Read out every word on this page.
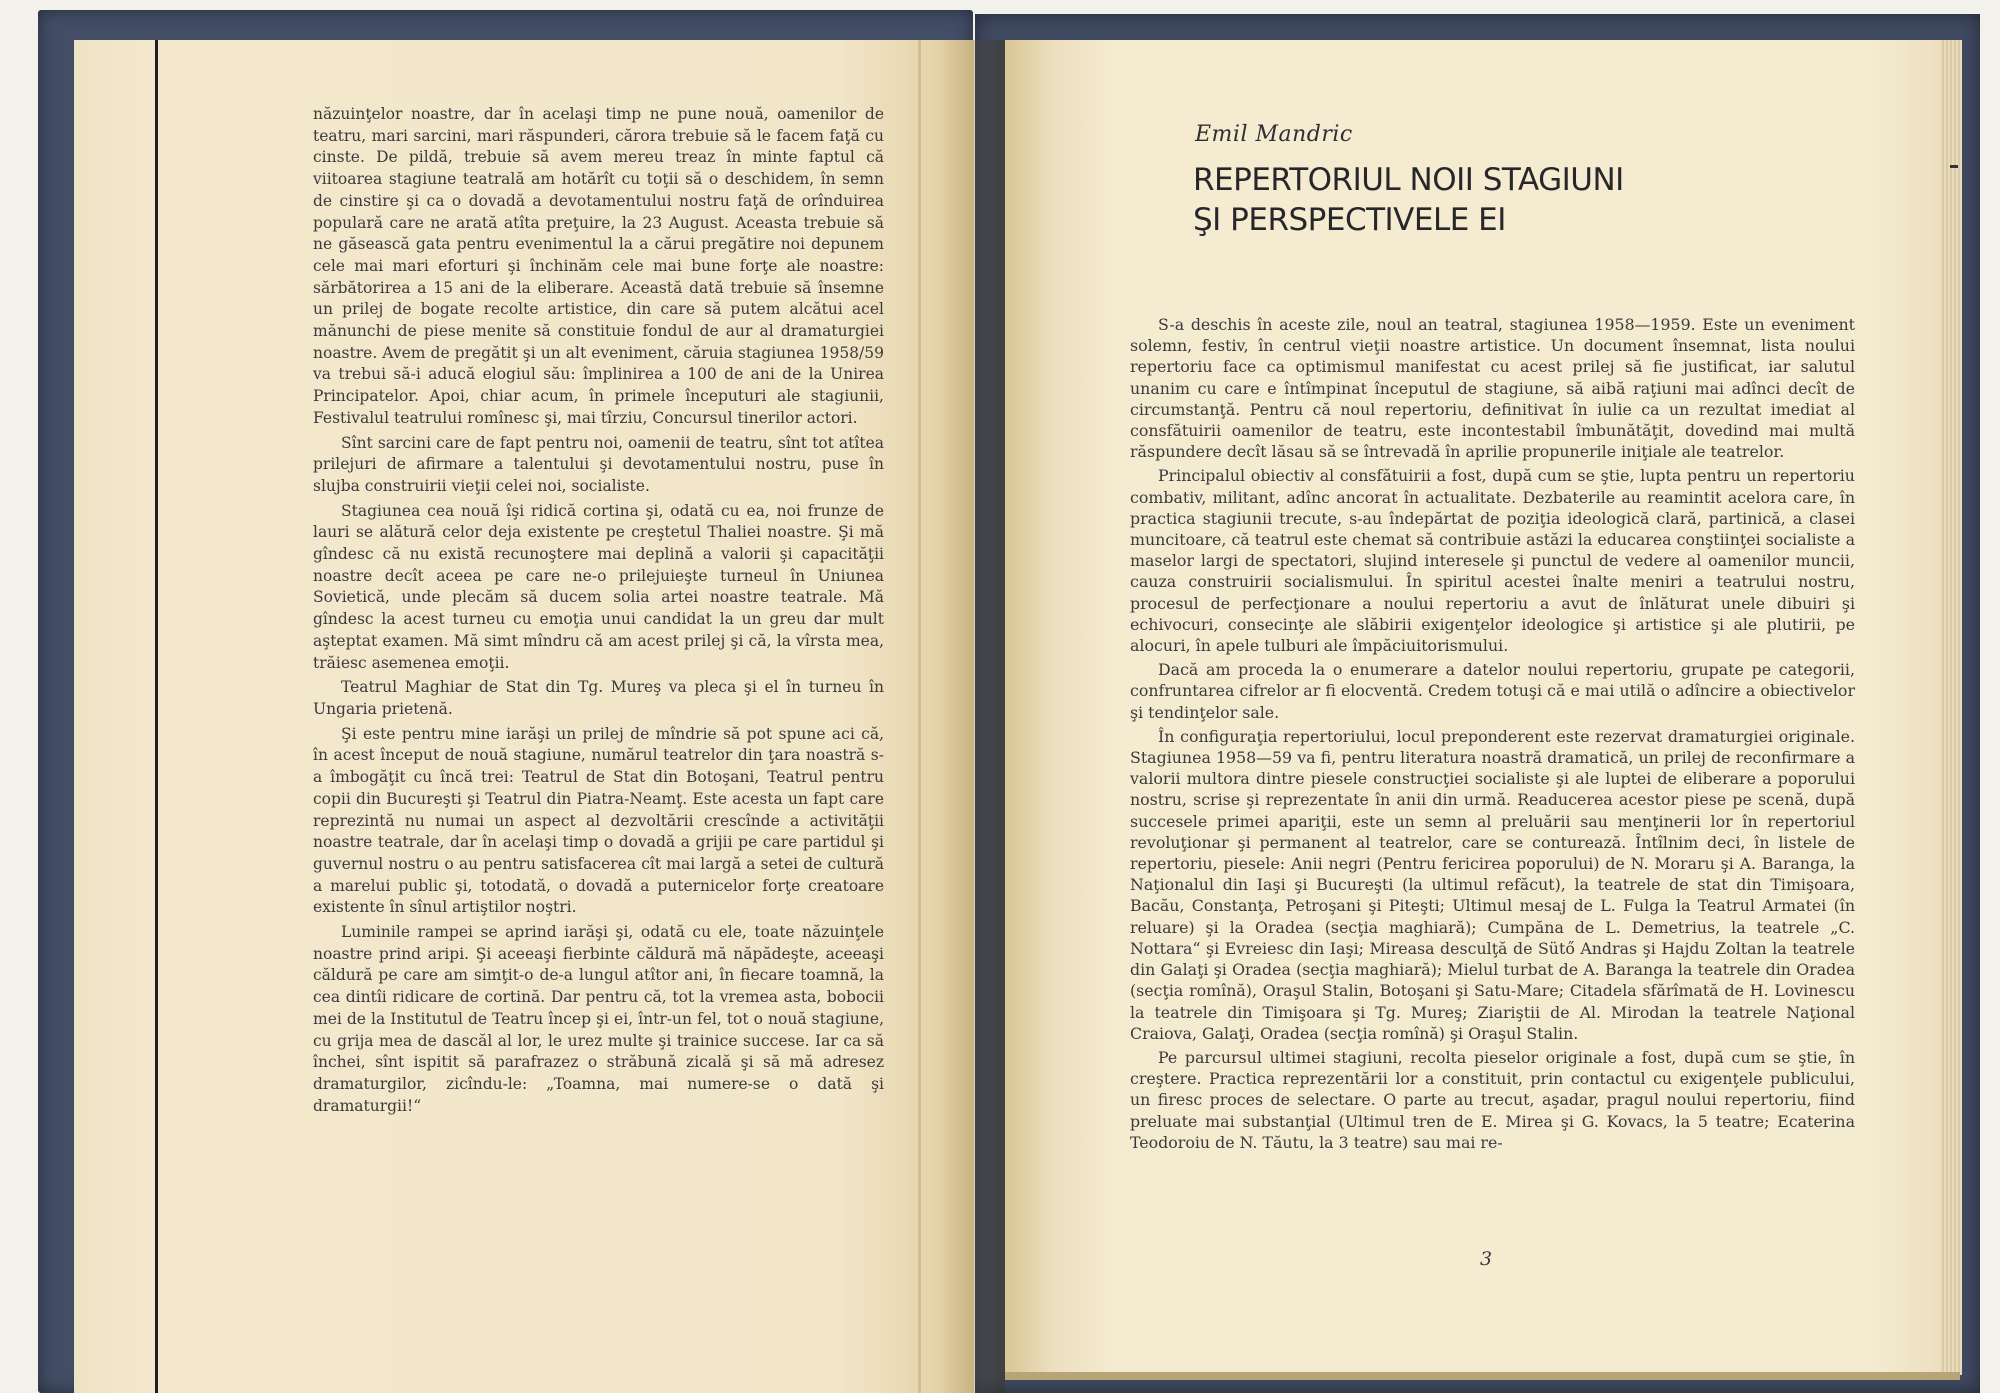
năzuinţelor noastre, dar în acelaşi timp ne pune nouă, oamenilor de teatru, mari sarcini, mari răspunderi, cărora trebuie să le facem faţă cu cinste. De pildă, trebuie să avem mereu treaz în minte faptul că viitoarea stagiune teatrală am hotărît cu toţii să o deschidem, în semn de cinstire şi ca o dovadă a devotamentului nostru faţă de orînduirea populară care ne arată atîta preţuire, la 23 August. Aceasta trebuie să ne găsească gata pentru evenimentul la a cărui pregătire noi depunem cele mai mari eforturi şi închinăm cele mai bune forţe ale noastre: sărbătorirea a 15 ani de la eliberare. Această dată trebuie să însemne un prilej de bogate recolte artistice, din care să putem alcătui acel mănunchi de piese menite să constituie fondul de aur al dramaturgiei noastre. Avem de pregătit şi un alt eveniment, căruia stagiunea 1958/59 va trebui să-i aducă elogiul său: împlinirea a 100 de ani de la Unirea Principatelor. Apoi, chiar acum, în primele începuturi ale stagiunii, Festivalul teatrului romînesc şi, mai tîrziu, Concursul tinerilor actori.

Sînt sarcini care de fapt pentru noi, oamenii de teatru, sînt tot atîtea prilejuri de afirmare a talentului şi devotamentului nostru, puse în slujba construirii vieţii celei noi, socialiste.

Stagiunea cea nouă îşi ridică cortina şi, odată cu ea, noi frunze de lauri se alătură celor deja existente pe creştetul Thaliei noastre. Şi mă gîndesc că nu există recunoştere mai deplină a valorii şi capacităţii noastre decît aceea pe care ne-o prilejuieşte turneul în Uniunea Sovietică, unde plecăm să ducem solia artei noastre teatrale. Mă gîndesc la acest turneu cu emoţia unui candidat la un greu dar mult aşteptat examen. Mă simt mîndru că am acest prilej şi că, la vîrsta mea, trăiesc asemenea emoţii.

Teatrul Maghiar de Stat din Tg. Mureş va pleca şi el în turneu în Ungaria prietenă.

Şi este pentru mine iarăşi un prilej de mîndrie să pot spune aci că, în acest început de nouă stagiune, numărul teatrelor din ţara noastră s-a îmbogăţit cu încă trei: Teatrul de Stat din Botoşani, Teatrul pentru copii din Bucureşti şi Teatrul din Piatra-Neamţ. Este acesta un fapt care reprezintă nu numai un aspect al dezvoltării crescînde a activităţii noastre teatrale, dar în acelaşi timp o dovadă a grijii pe care partidul şi guvernul nostru o au pentru satisfacerea cît mai largă a setei de cultură a marelui public şi, totodată, o dovadă a puternicelor forţe creatoare existente în sînul artiştilor noştri.

Luminile rampei se aprind iarăşi şi, odată cu ele, toate năzuinţele noastre prind aripi. Şi aceeaşi fierbinte căldură mă năpădeşte, aceeaşi căldură pe care am simţit-o de-a lungul atîtor ani, în fiecare toamnă, la cea dintîi ridicare de cortină. Dar pentru că, tot la vremea asta, bobocii mei de la Institutul de Teatru încep şi ei, într-un fel, tot o nouă stagiune, cu grija mea de dascăl al lor, le urez multe şi trainice succese. Iar ca să închei, sînt ispitit să parafrazez o străbună zicală şi să mă adresez dramaturgilor, zicîndu-le: „Toamna, mai numere-se o dată şi dramaturgii!“

Emil Mandric
REPERTORIUL NOII STAGIUNI
ŞI PERSPECTIVELE EI

S-a deschis în aceste zile, noul an teatral, stagiunea 1958—1959. Este un eveniment solemn, festiv, în centrul vieţii noastre artistice. Un document însemnat, lista noului repertoriu face ca optimismul manifestat cu acest prilej să fie justificat, iar salutul unanim cu care e întîmpinat începutul de stagiune, să aibă raţiuni mai adînci decît de circumstanţă. Pentru că noul repertoriu, definitivat în iulie ca un rezultat imediat al consfătuirii oamenilor de teatru, este incontestabil îmbunătăţit, dovedind mai multă răspundere decît lăsau să se întrevadă în aprilie propunerile iniţiale ale teatrelor.

Principalul obiectiv al consfătuirii a fost, după cum se ştie, lupta pentru un repertoriu combativ, militant, adînc ancorat în actualitate. Dezbaterile au reamintit acelora care, în practica stagiunii trecute, s-au îndepărtat de poziţia ideologică clară, partinică, a clasei muncitoare, că teatrul este chemat să contribuie astăzi la educarea conştiinţei socialiste a maselor largi de spectatori, slujind interesele şi punctul de vedere al oamenilor muncii, cauza construirii socialismului. În spiritul acestei înalte meniri a teatrului nostru, procesul de perfecţionare a noului repertoriu a avut de înlăturat unele dibuiri şi echivocuri, consecinţe ale slăbirii exigenţelor ideologice şi artistice şi ale plutirii, pe alocuri, în apele tulburi ale împăciuitorismului.

Dacă am proceda la o enumerare a datelor noului repertoriu, grupate pe categorii, confruntarea cifrelor ar fi elocventă. Credem totuşi că e mai utilă o adîncire a obiectivelor şi tendinţelor sale.

În configuraţia repertoriului, locul preponderent este rezervat dramaturgiei originale. Stagiunea 1958—59 va fi, pentru literatura noastră dramatică, un prilej de reconfirmare a valorii multora dintre piesele construcţiei socialiste şi ale luptei de eliberare a poporului nostru, scrise şi reprezentate în anii din urmă. Readucerea acestor piese pe scenă, după succesele primei apariţii, este un semn al preluării sau menţinerii lor în repertoriul revoluţionar şi permanent al teatrelor, care se conturează. Întîlnim deci, în listele de repertoriu, piesele: Anii negri (Pentru fericirea poporului) de N. Moraru şi A. Baranga, la Naţionalul din Iaşi şi Bucureşti (la ultimul refăcut), la teatrele de stat din Timişoara, Bacău, Constanţa, Petroşani şi Piteşti; Ultimul mesaj de L. Fulga la Teatrul Armatei (în reluare) şi la Oradea (secţia maghiară); Cumpăna de L. Demetrius, la teatrele „C. Nottara“ şi Evreiesc din Iaşi; Mireasa desculţă de Sütő Andras şi Hajdu Zoltan la teatrele din Galaţi şi Oradea (secţia maghiară); Mielul turbat de A. Baranga la teatrele din Oradea (secţia romînă), Oraşul Stalin, Botoşani şi Satu-Mare; Citadela sfărîmată de H. Lovinescu la teatrele din Timişoara şi Tg. Mureş; Ziariştii de Al. Mirodan la teatrele Naţional Craiova, Galaţi, Oradea (secţia romînă) şi Oraşul Stalin.

Pe parcursul ultimei stagiuni, recolta pieselor originale a fost, după cum se ştie, în creştere. Practica reprezentării lor a constituit, prin contactul cu exigenţele publicului, un firesc proces de selectare. O parte au trecut, aşadar, pragul noului repertoriu, fiind preluate mai substanţial (Ultimul tren de E. Mirea şi G. Kovacs, la 5 teatre; Ecaterina Teodoroiu de N. Tăutu, la 3 teatre) sau mai re-

3
